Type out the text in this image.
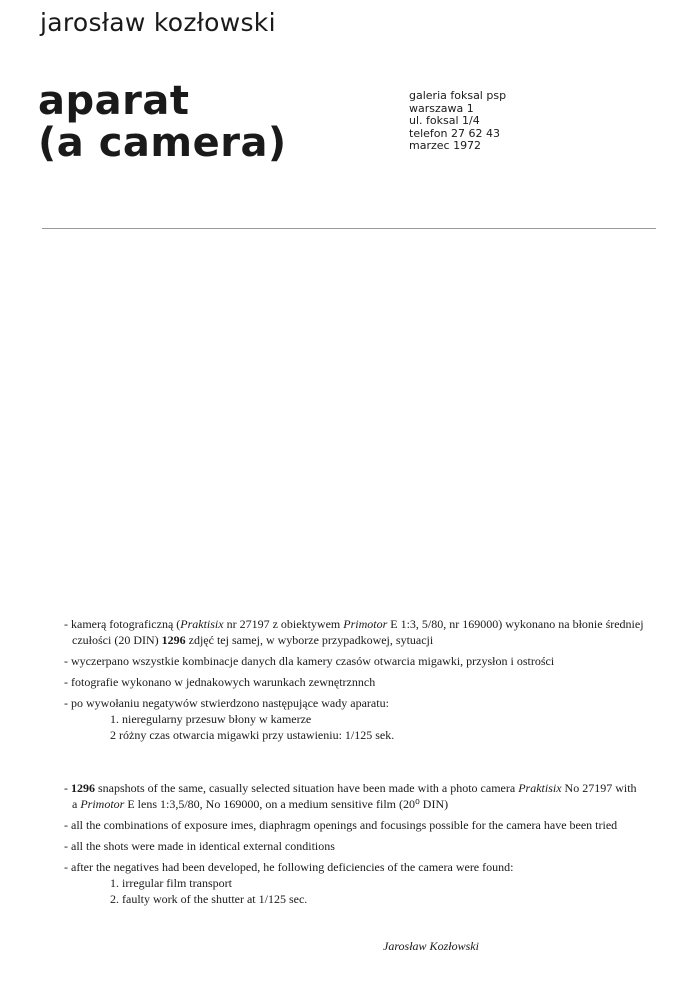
jarosław kozłowski
aparat
(a camera)
galeria foksal psp
warszawa 1
ul. foksal 1/4
telefon 27 62 43
marzec 1972

- kamerą fotograficzną (Praktisix nr 27197 z obiektywem Primotor E 1:3, 5/80, nr 169000) wykonano na błonie średniej czułości (20 DIN) 1296 zdjęć tej samej, w wyborze przypadkowej, sytuacji

- wyczerpano wszystkie kombinacje danych dla kamery czasów otwarcia migawki, przysłon i ostrości

- fotografie wykonano w jednakowych warunkach zewnętrznnch

- po wywołaniu negatywów stwierdzono następujące wady aparatu:

1. nieregularny przesuw błony w kamerze

2 różny czas otwarcia migawki przy ustawieniu: 1/125 sek.

- 1296 snapshots of the same, casually selected situation have been made with a photo camera Praktisix No 27197 with a Primotor E lens 1:3,5/80, No 169000, on a medium sensitive film (20⁰ DIN)

- all the combinations of exposure imes, diaphragm openings and focusings possible for the camera have been tried

- all the shots were made in identical external conditions

- after the negatives had been developed, he following deficiencies of the camera were found:

1. irregular film transport

2. faulty work of the shutter at 1/125 sec.

Jarosław Kozłowski
